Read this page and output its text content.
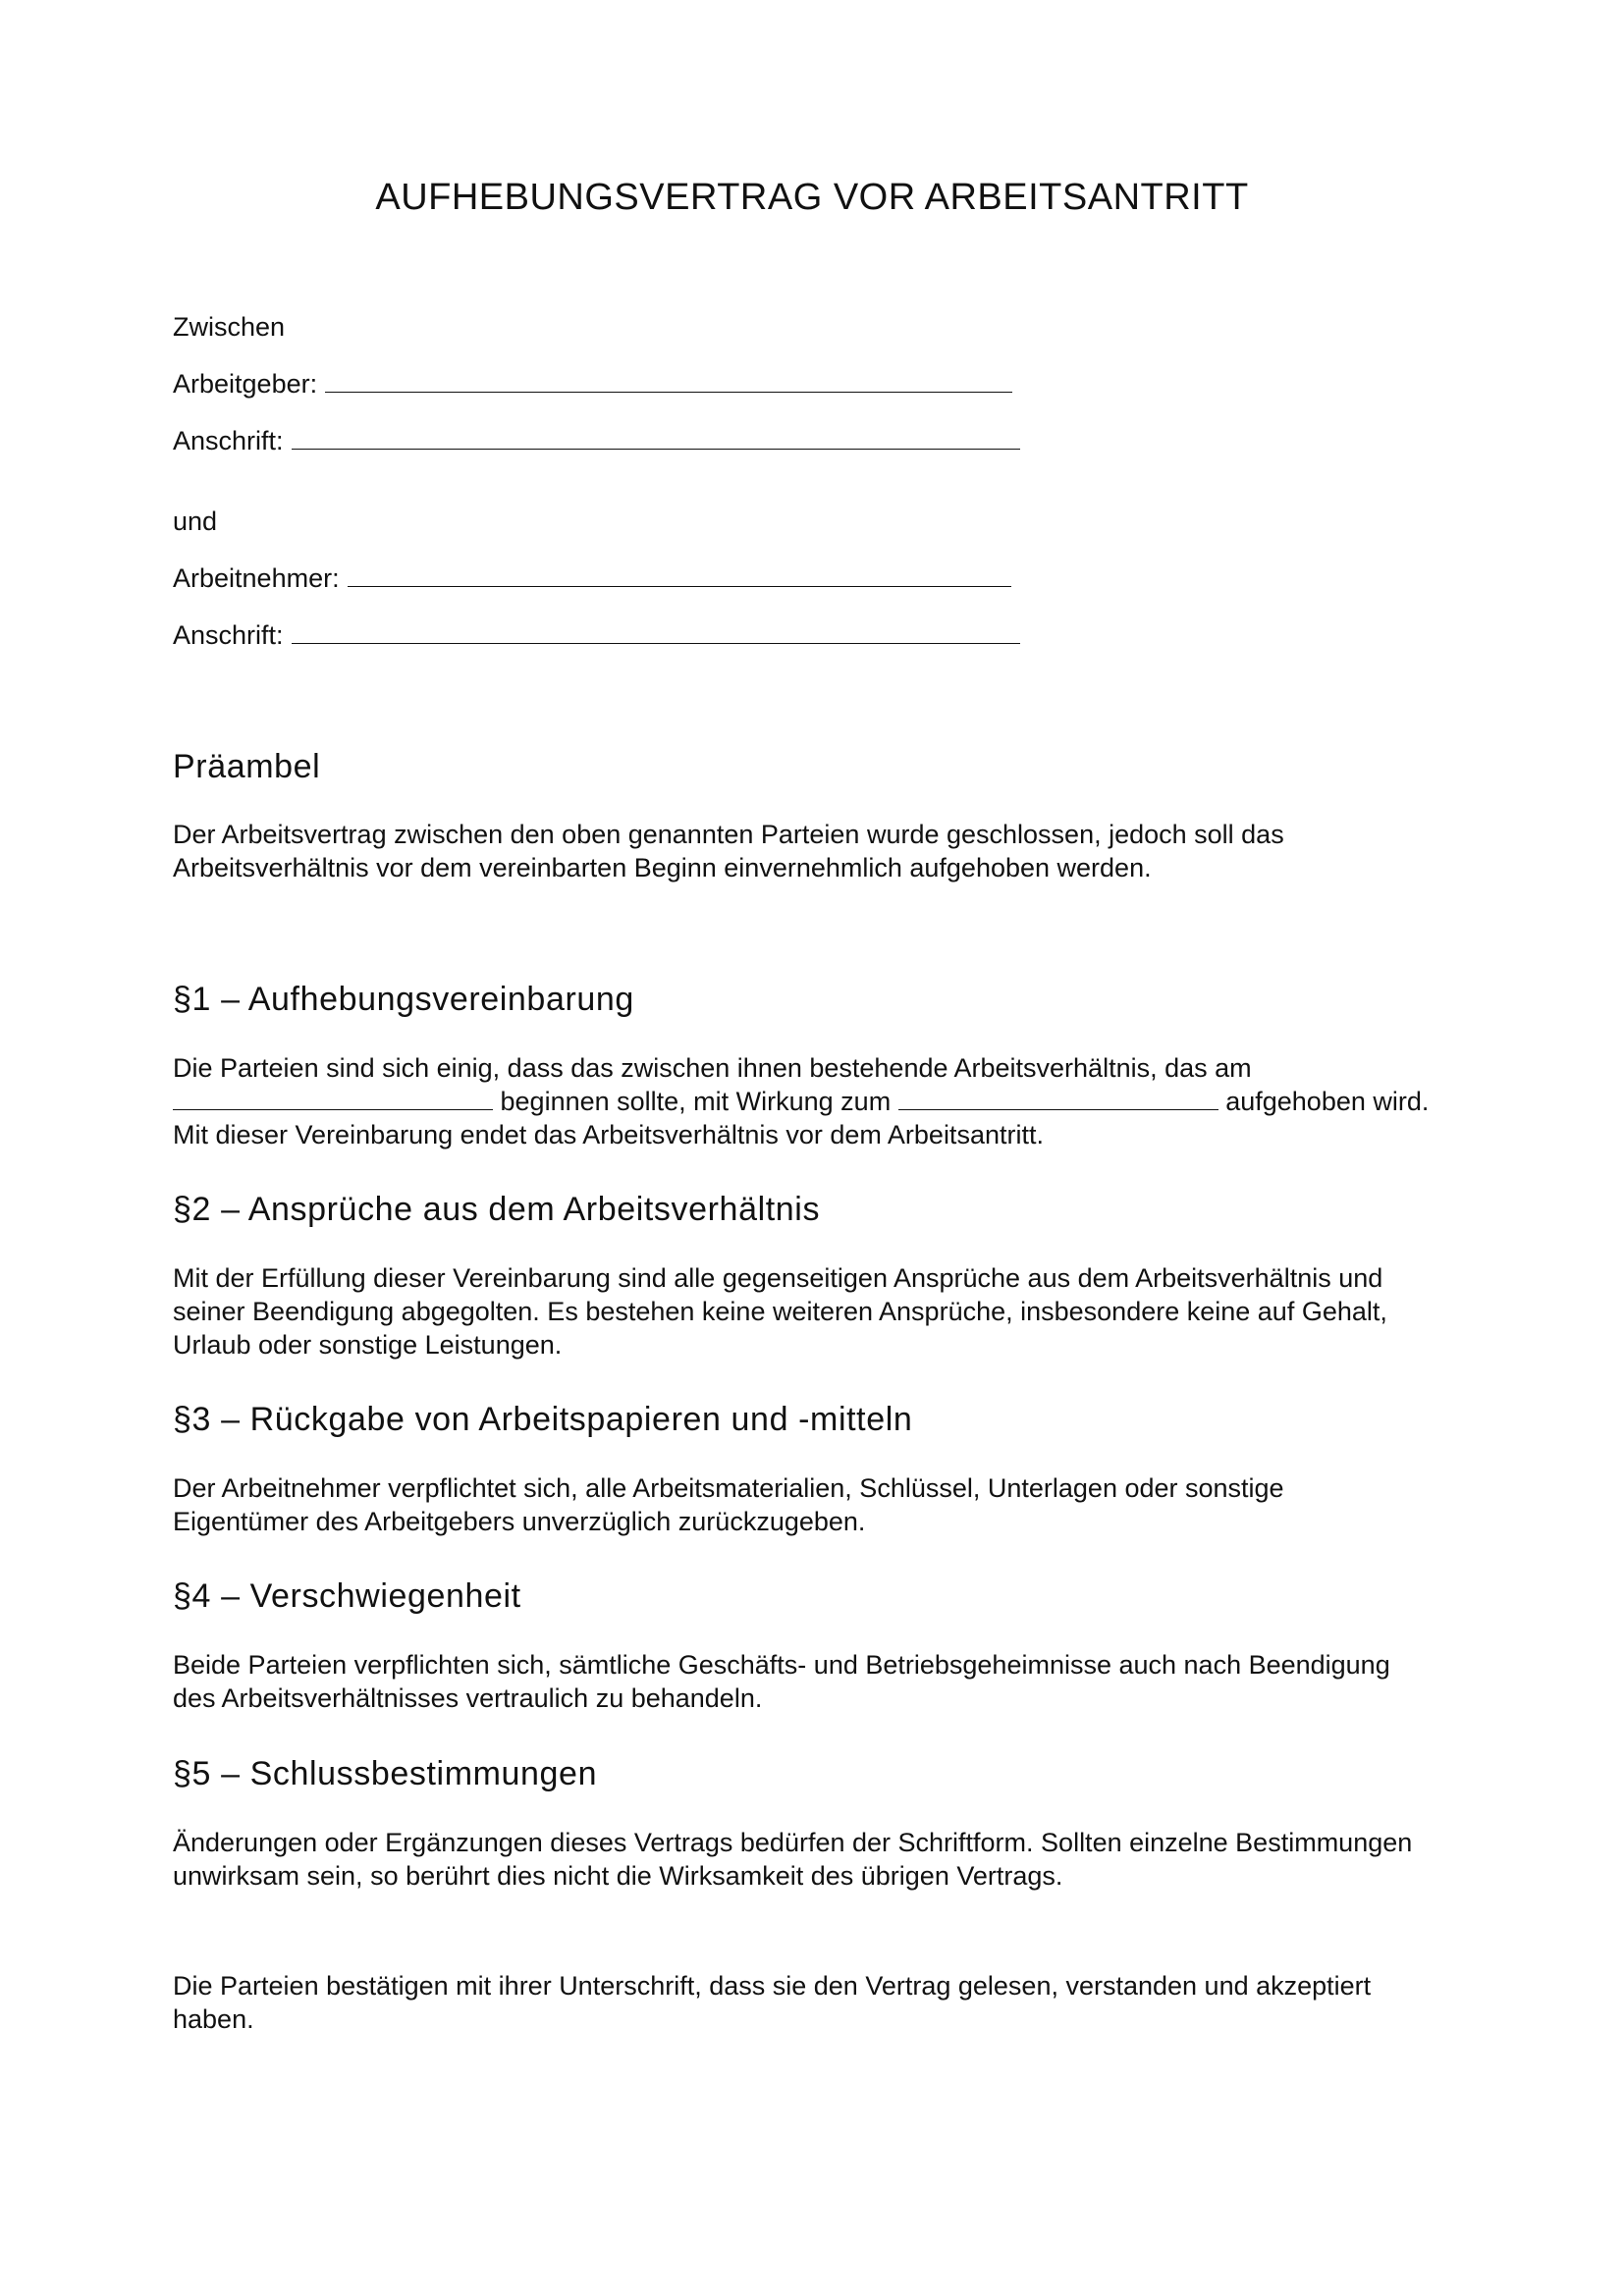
AUFHEBUNGSVERTRAG VOR ARBEITSANTRITT
Zwischen
Arbeitgeber:
Anschrift:
und
Arbeitnehmer:
Anschrift:
Präambel
Der Arbeitsvertrag zwischen den oben genannten Parteien wurde geschlossen, jedoch soll das
Arbeitsverhältnis vor dem vereinbarten Beginn einvernehmlich aufgehoben werden.
§1 – Aufhebungsvereinbarung
Die Parteien sind sich einig, dass das zwischen ihnen bestehende Arbeitsverhältnis, das am
beginnen sollte, mit Wirkung zum	aufgehoben wird.
Mit dieser Vereinbarung endet das Arbeitsverhältnis vor dem Arbeitsantritt.
§2 – Ansprüche aus dem Arbeitsverhältnis
Mit der Erfüllung dieser Vereinbarung sind alle gegenseitigen Ansprüche aus dem Arbeitsverhältnis und
seiner Beendigung abgegolten. Es bestehen keine weiteren Ansprüche, insbesondere keine auf Gehalt,
Urlaub oder sonstige Leistungen.
§3 – Rückgabe von Arbeitspapieren und -mitteln
Der Arbeitnehmer verpflichtet sich, alle Arbeitsmaterialien, Schlüssel, Unterlagen oder sonstige
Eigentümer des Arbeitgebers unverzüglich zurückzugeben.
§4 – Verschwiegenheit
Beide Parteien verpflichten sich, sämtliche Geschäfts- und Betriebsgeheimnisse auch nach Beendigung
des Arbeitsverhältnisses vertraulich zu behandeln.
§5 – Schlussbestimmungen
Änderungen oder Ergänzungen dieses Vertrags bedürfen der Schriftform. Sollten einzelne Bestimmungen
unwirksam sein, so berührt dies nicht die Wirksamkeit des übrigen Vertrags.
Die Parteien bestätigen mit ihrer Unterschrift, dass sie den Vertrag gelesen, verstanden und akzeptiert
haben.
